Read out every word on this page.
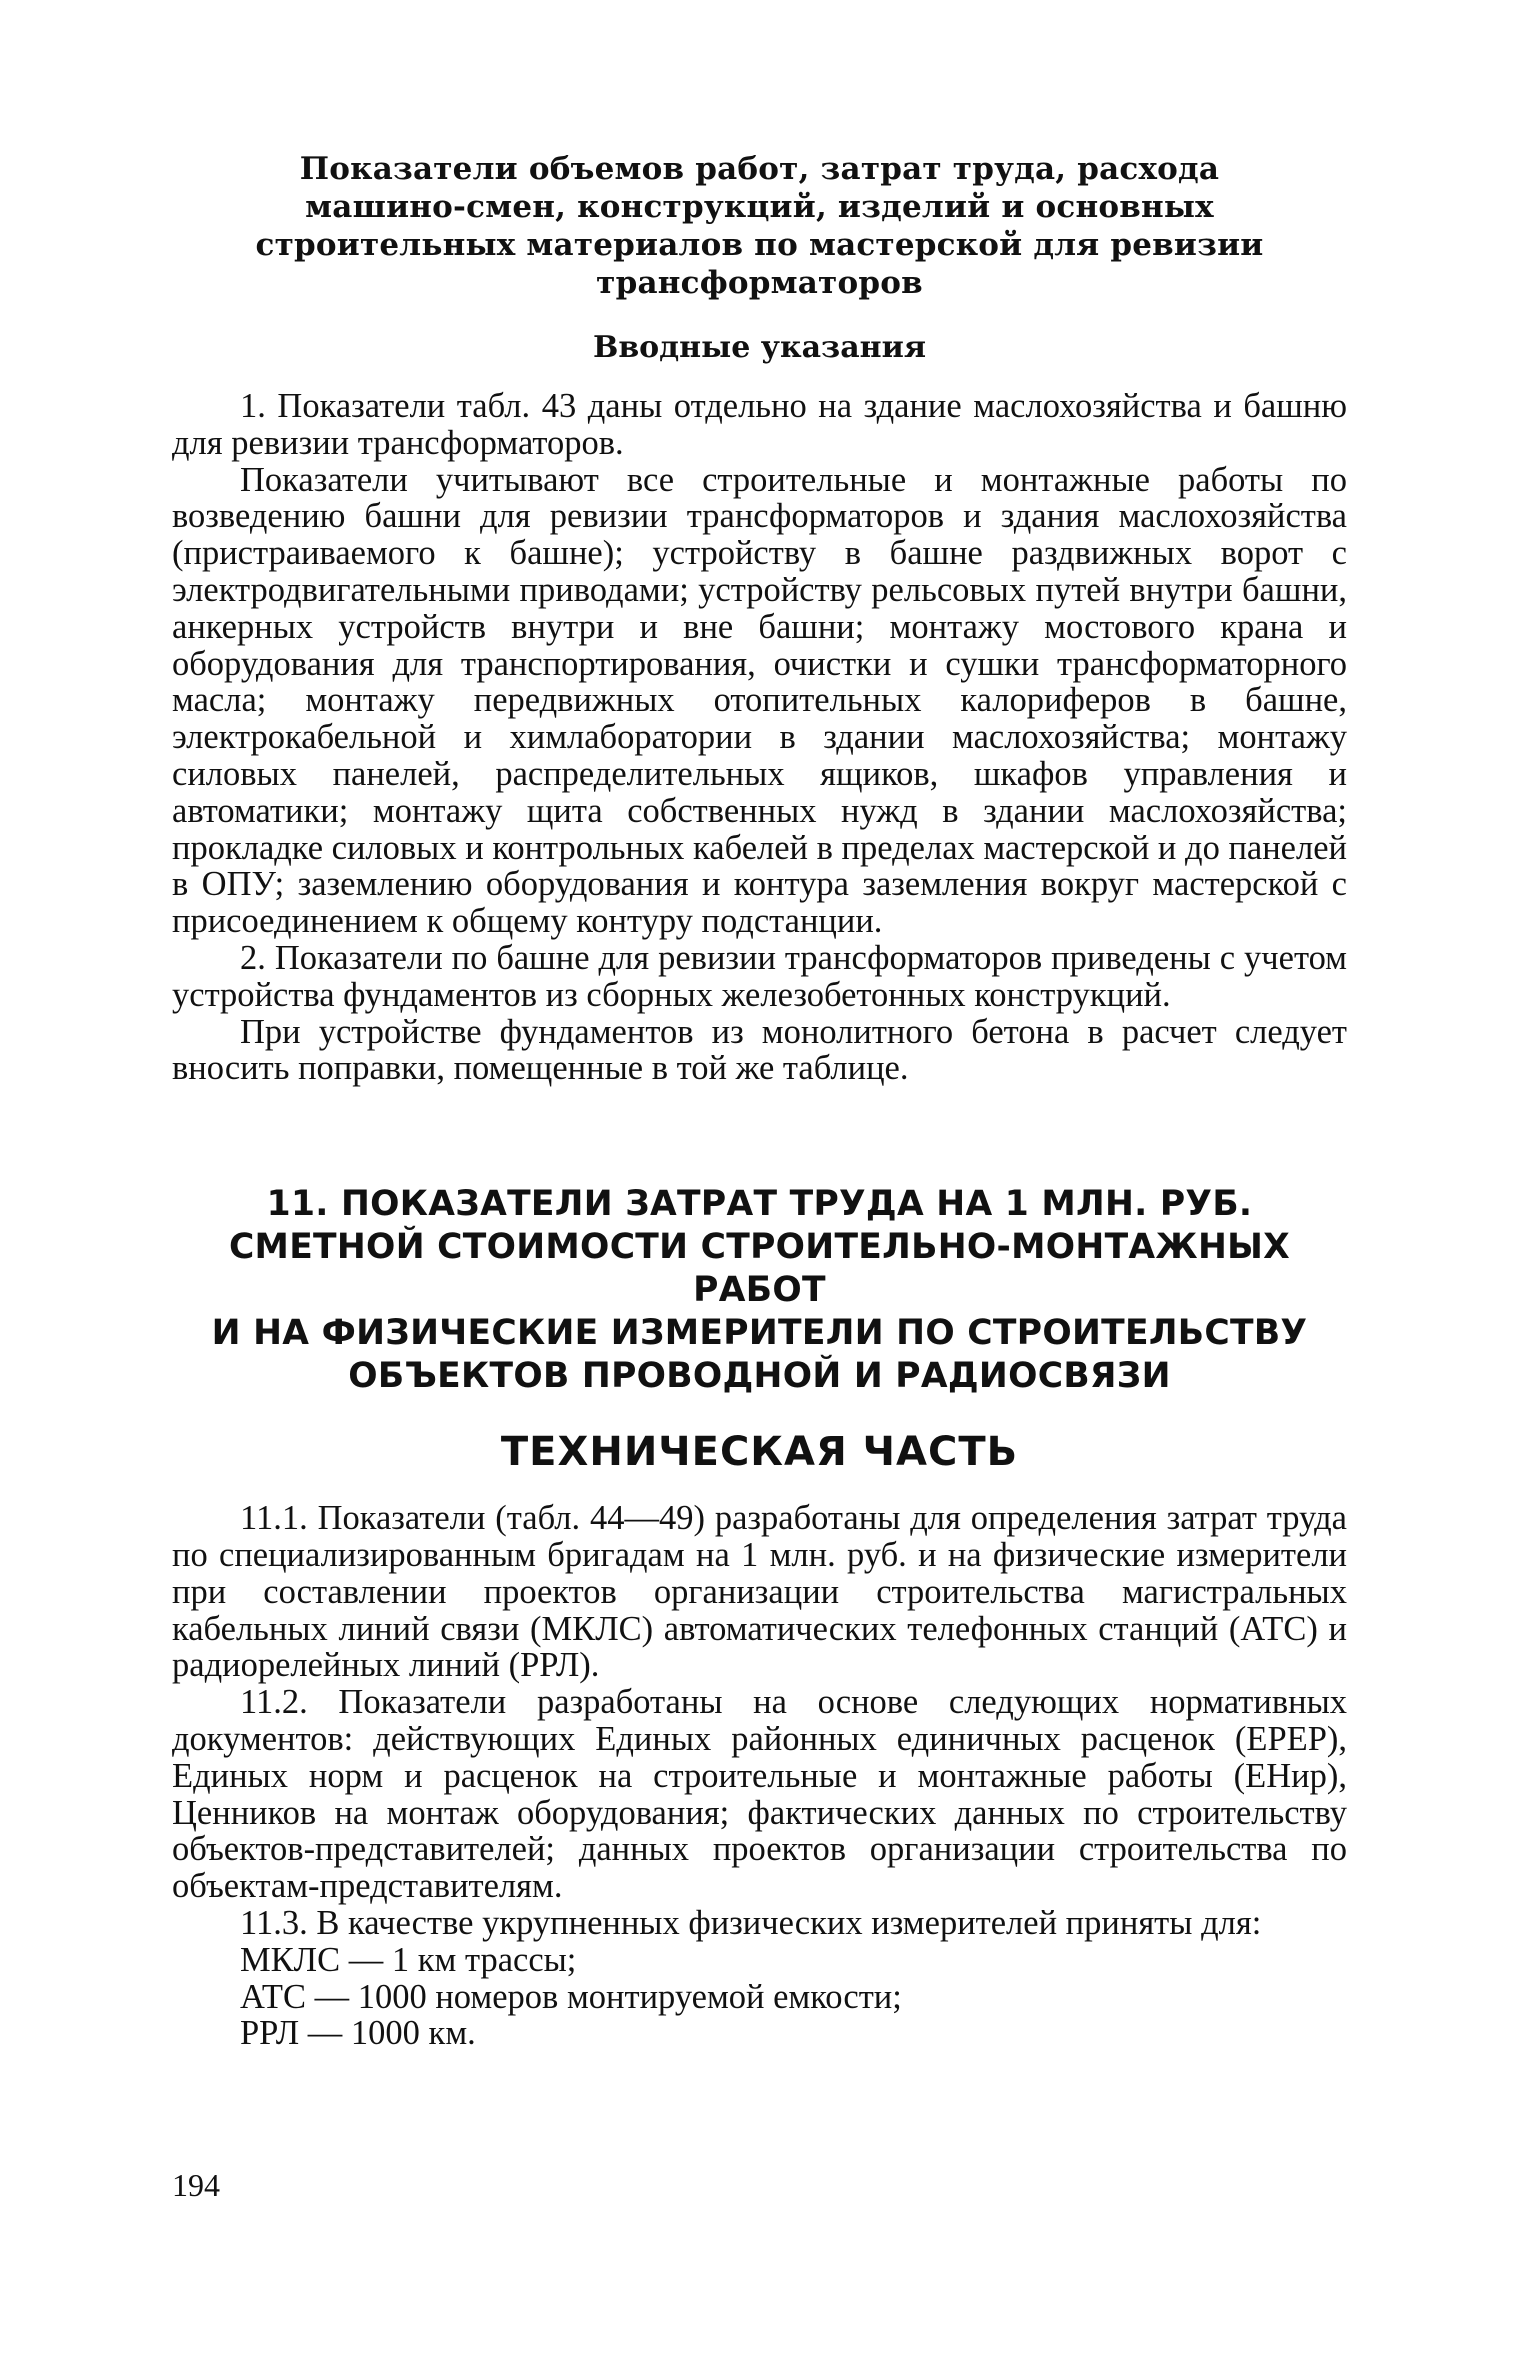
Показатели объемов работ, затрат труда, расхода
машино-смен, конструкций, изделий и основных
строительных материалов по мастерской для ревизии
трансформаторов
Вводные указания

1. Показатели табл. 43 даны отдельно на здание маслохозяйства и башню для ревизии трансформаторов.

Показатели учитывают все строительные и монтажные работы по возведению башни для ревизии трансформаторов и здания маслохозяйства (пристраиваемого к башне); устройству в башне раздвижных ворот с электродвигательными приводами; устройству рельсовых путей внутри башни, анкерных устройств внутри и вне башни; монтажу мостового крана и оборудования для транспортирования, очистки и сушки трансформаторного масла; монтажу передвижных отопительных калориферов в башне, электрокабельной и химлаборатории в здании маслохозяйства; монтажу силовых панелей, распределительных ящиков, шкафов управления и автоматики; монтажу щита собственных нужд в здании маслохозяйства; прокладке силовых и контрольных кабелей в пределах мастерской и до панелей в ОПУ; заземлению оборудования и контура заземления вокруг мастерской с присоединением к общему контуру подстанции.

2. Показатели по башне для ревизии трансформаторов приведены с учетом устройства фундаментов из сборных железобетонных конструкций.

При устройстве фундаментов из монолитного бетона в расчет следует вносить поправки, помещенные в той же таблице.

11. ПОКАЗАТЕЛИ ЗАТРАТ ТРУДА НА 1 МЛН. РУБ.
СМЕТНОЙ СТОИМОСТИ СТРОИТЕЛЬНО-МОНТАЖНЫХ РАБОТ
И НА ФИЗИЧЕСКИЕ ИЗМЕРИТЕЛИ ПО СТРОИТЕЛЬСТВУ
ОБЪЕКТОВ ПРОВОДНОЙ И РАДИОСВЯЗИ
ТЕХНИЧЕСКАЯ ЧАСТЬ

11.1. Показатели (табл. 44—49) разработаны для определения затрат труда по специализированным бригадам на 1 млн. руб. и на физические измерители при составлении проектов организации строительства магистральных кабельных линий связи (МКЛС) автоматических телефонных станций (АТС) и радиорелейных линий (РРЛ).

11.2. Показатели разработаны на основе следующих нормативных документов: действующих Единых районных единичных расценок (ЕРЕР), Единых норм и расценок на строительные и монтажные работы (ЕНир), Ценников на монтаж оборудования; фактических данных по строительству объектов-представителей; данных проектов организации строительства по объектам-представителям.

11.3. В качестве укрупненных физических измерителей приняты для:

МКЛС — 1 км трассы;
АТС — 1000 номеров монтируемой емкости;
РРЛ — 1000 км.
194
